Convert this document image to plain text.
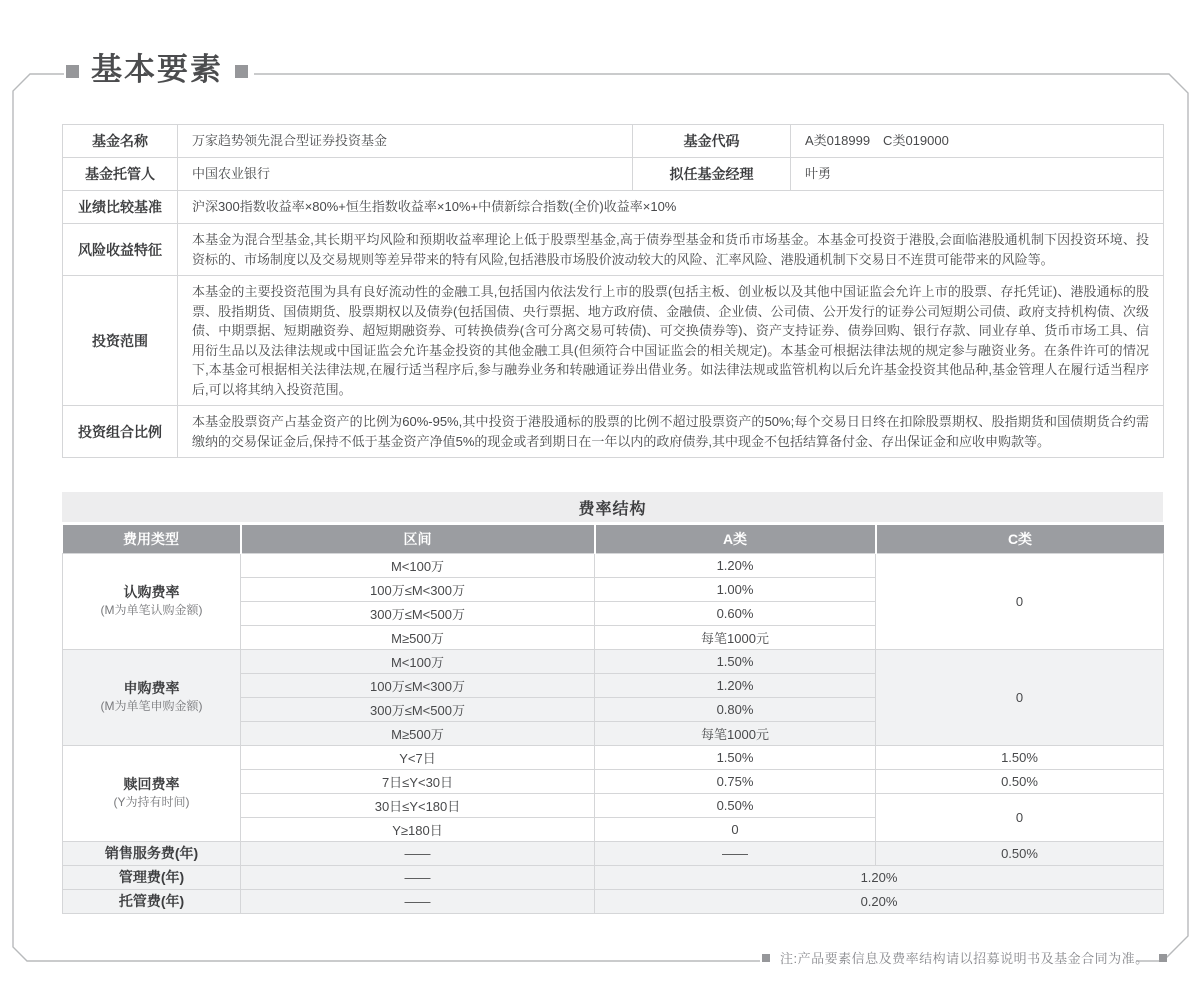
基本要素
基金名称	万家趋势领先混合型证券投资基金	基金代码	A类018999　C类019000
基金托管人	中国农业银行	拟任基金经理	叶勇
业绩比较基准	沪深300指数收益率×80%+恒生指数收益率×10%+中债新综合指数(全价)收益率×10%		
风险收益特征	本基金为混合型基金,其长期平均风险和预期收益率理论上低于股票型基金,高于债券型基金和货币市场基金。本基金可投资于港股,会面临港股通机制下因投资环境、投资标的、市场制度以及交易规则等差异带来的特有风险,包括港股市场股价波动较大的风险、汇率风险、港股通机制下交易日不连贯可能带来的风险等。		
投资范围	本基金的主要投资范围为具有良好流动性的金融工具,包括国内依法发行上市的股票(包括主板、创业板以及其他中国证监会允许上市的股票、存托凭证)、港股通标的股票、股指期货、国债期货、股票期权以及债券(包括国债、央行票据、地方政府债、金融债、企业债、公司债、公开发行的证券公司短期公司债、政府支持机构债、次级债、中期票据、短期融资券、超短期融资券、可转换债券(含可分离交易可转债)、可交换债券等)、资产支持证券、债券回购、银行存款、同业存单、货币市场工具、信用衍生品以及法律法规或中国证监会允许基金投资的其他金融工具(但须符合中国证监会的相关规定)。本基金可根据法律法规的规定参与融资业务。在条件许可的情况下,本基金可根据相关法律法规,在履行适当程序后,参与融券业务和转融通证券出借业务。如法律法规或监管机构以后允许基金投资其他品种,基金管理人在履行适当程序后,可以将其纳入投资范围。		
投资组合比例	本基金股票资产占基金资产的比例为60%-95%,其中投资于港股通标的股票的比例不超过股票资产的50%;每个交易日日终在扣除股票期权、股指期货和国债期货合约需缴纳的交易保证金后,保持不低于基金资产净值5%的现金或者到期日在一年以内的政府债券,其中现金不包括结算备付金、存出保证金和应收申购款等。		
费率结构
费用类型	区间	A类	C类

认购费率
(M为单笔认购金额)	M<100万	1.20%	0
	100万≤M<300万	1.00%	
	300万≤M<500万	0.60%	
	M≥500万	每笔1000元	

申购费率
(M为单笔申购金额)	M<100万	1.50%	0
	100万≤M<300万	1.20%	
	300万≤M<500万	0.80%	
	M≥500万	每笔1000元	

赎回费率
(Y为持有时间)	Y<7日	1.50%	1.50%
	7日≤Y<30日	0.75%	0.50%
	30日≤Y<180日	0.50%	0
	Y≥180日	0	

销售服务费(年)	——	——	0.50%

管理费(年)	——	1.20%	

托管费(年)	——	0.20%	
注:产品要素信息及费率结构请以招募说明书及基金合同为准。
